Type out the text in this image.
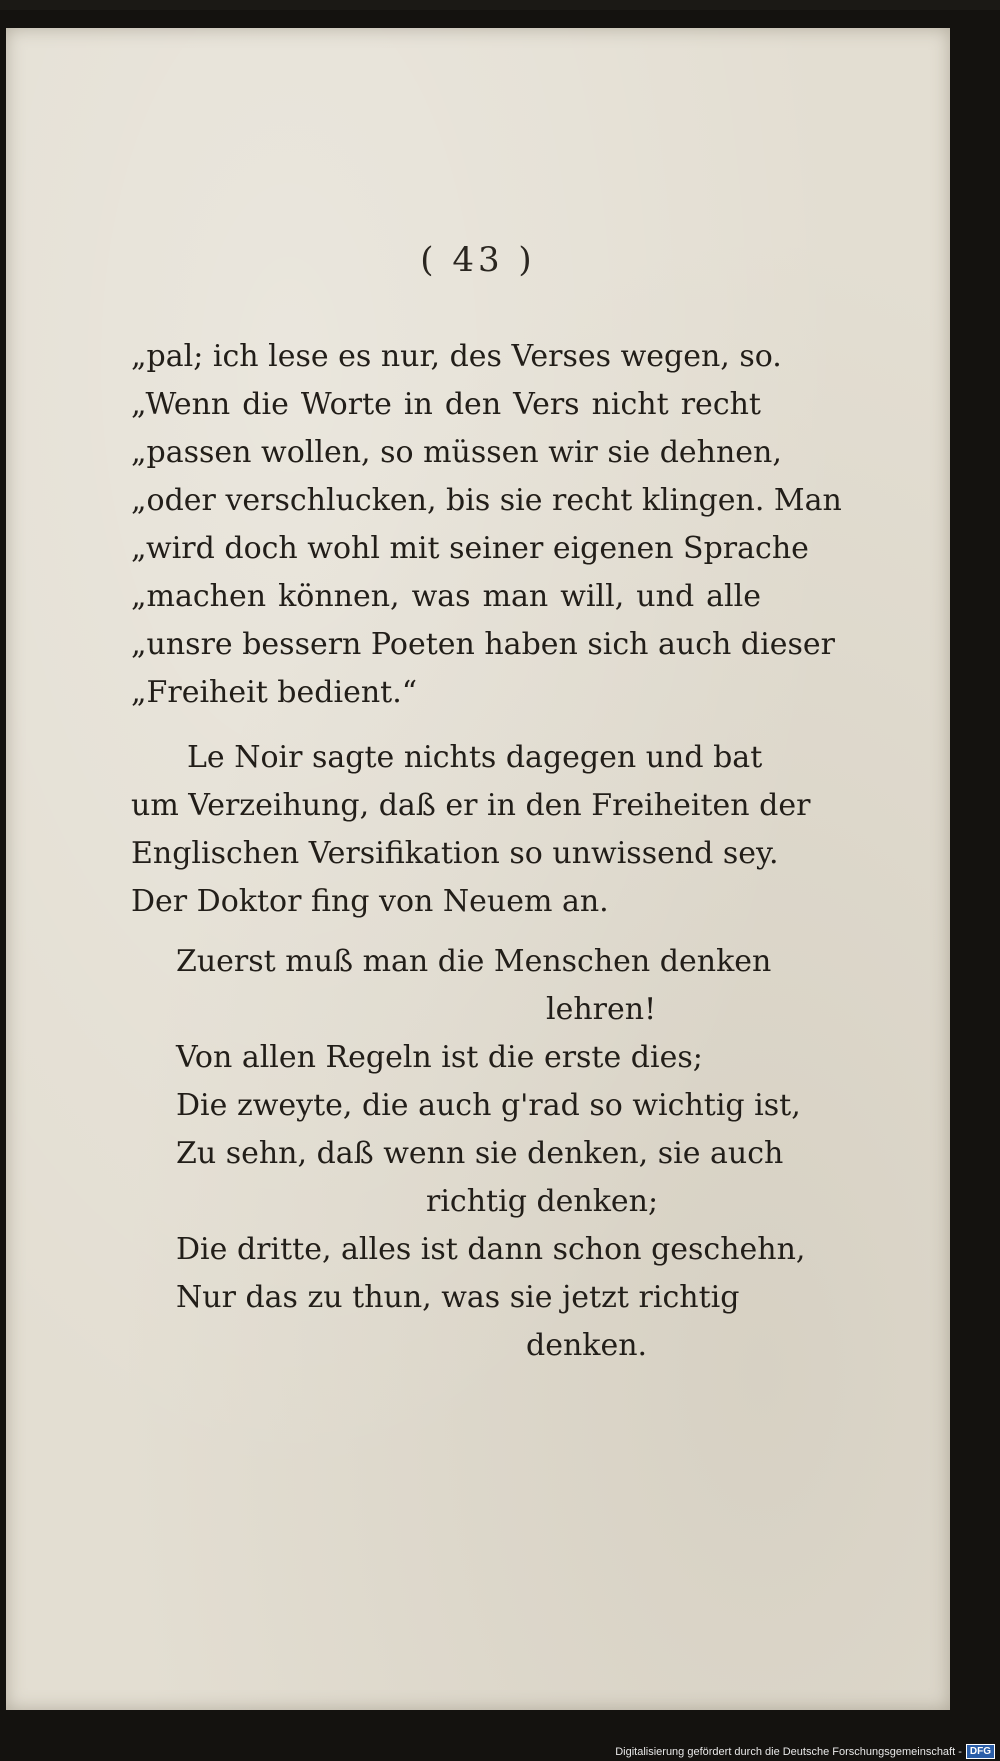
( 43 )
„pal; ich lese es nur, des Verses wegen, so.
„Wenn die Worte in den Vers nicht recht
„passen wollen, so müssen wir sie dehnen,
„oder verschlucken, bis sie recht klingen. Man
„wird doch wohl mit seiner eigenen Sprache
„machen können, was man will, und alle
„unsre bessern Poeten haben sich auch dieser
„Freiheit bedient.“
Le Noir sagte nichts dagegen und bat
um Verzeihung, daß er in den Freiheiten der
Englischen Versifikation so unwissend sey.
Der Doktor fing von Neuem an.
Zuerst muß man die Menschen denken
lehren!
Von allen Regeln ist die erste dies;
Die zweyte, die auch g'rad so wichtig ist,
Zu sehn, daß wenn sie denken, sie auch
richtig denken;
Die dritte, alles ist dann schon geschehn,
Nur das zu thun, was sie jetzt richtig
denken.
Digitalisierung gefördert durch die Deutsche Forschungsgemeinschaft - DFG
